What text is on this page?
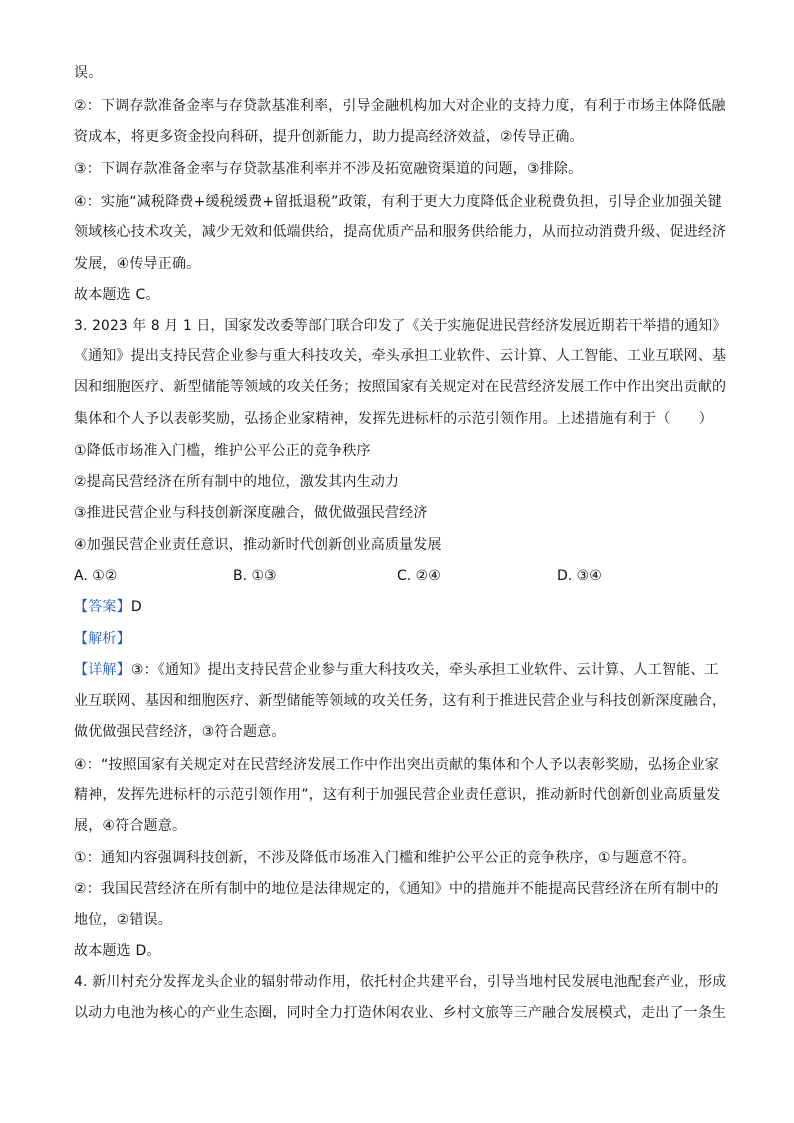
误。
②：下调存款准备金率与存贷款基准利率，引导金融机构加大对企业的支持力度，有利于市场主体降低融
资成本，将更多资金投向科研，提升创新能力，助力提高经济效益，②传导正确。
③：下调存款准备金率与存贷款基准利率并不涉及拓宽融资渠道的问题，③排除。
④：实施“减税降费+缓税缓费+留抵退税”政策，有利于更大力度降低企业税费负担，引导企业加强关键
领域核心技术攻关，减少无效和低端供给，提高优质产品和服务供给能力，从而拉动消费升级、促进经济
发展，④传导正确。
故本题选 C。
3. 2023 年 8 月 1 日，国家发改委等部门联合印发了《关于实施促进民营经济发展近期若干举措的通知》
《通知》提出支持民营企业参与重大科技攻关，牵头承担工业软件、云计算、人工智能、工业互联网、基
因和细胞医疗、新型储能等领域的攻关任务；按照国家有关规定对在民营经济发展工作中作出突出贡献的
集体和个人予以表彰奖励，弘扬企业家精神，发挥先进标杆的示范引领作用。上述措施有利于（　　）
①降低市场准入门槛，维护公平公正的竞争秩序
②提高民营经济在所有制中的地位，激发其内生动力
③推进民营企业与科技创新深度融合，做优做强民营经济
④加强民营企业责任意识，推动新时代创新创业高质量发展
A. ①②	B. ①③	C. ②④	D. ③④
【答案】D
【解析】
【详解】③：《通知》提出支持民营企业参与重大科技攻关，牵头承担工业软件、云计算、人工智能、工
业互联网、基因和细胞医疗、新型储能等领域的攻关任务，这有利于推进民营企业与科技创新深度融合，
做优做强民营经济，③符合题意。
④：“按照国家有关规定对在民营经济发展工作中作出突出贡献的集体和个人予以表彰奖励，弘扬企业家
精神，发挥先进标杆的示范引领作用”，这有利于加强民营企业责任意识，推动新时代创新创业高质量发
展，④符合题意。
①：通知内容强调科技创新，不涉及降低市场准入门槛和维护公平公正的竞争秩序，①与题意不符。
②：我国民营经济在所有制中的地位是法律规定的，《通知》中的措施并不能提高民营经济在所有制中的
地位，②错误。
故本题选 D。
4. 新川村充分发挥龙头企业的辐射带动作用，依托村企共建平台，引导当地村民发展电池配套产业，形成
以动力电池为核心的产业生态圈，同时全力打造休闲农业、乡村文旅等三产融合发展模式，走出了一条生
